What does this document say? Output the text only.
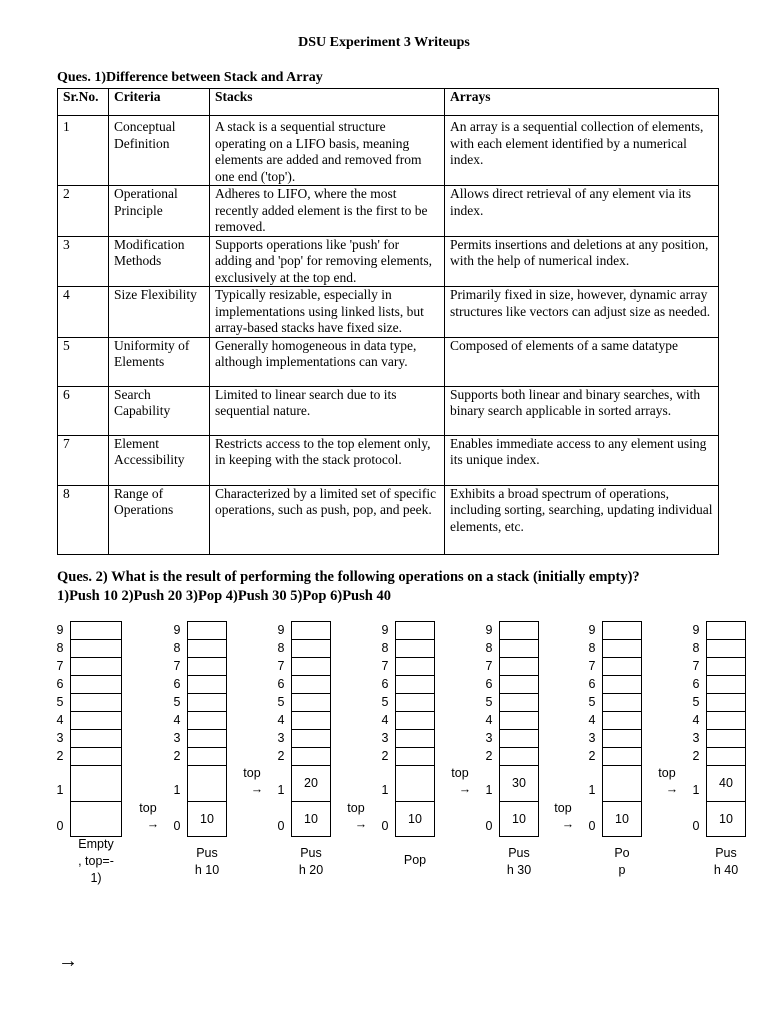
DSU Experiment 3 Writeups
Ques. 1)Difference between Stack and Array
Sr.No.	Criteria	Stacks	Arrays
1	Conceptual Definition	A stack is a sequential structure operating on a LIFO basis, meaning elements are added and removed from one end ('top').	An array is a sequential collection of elements, with each element identified by a numerical index.
2	Operational Principle	Adheres to LIFO, where the most recently added element is the first to be removed.	Allows direct retrieval of any element via its index.
3	Modification Methods	Supports operations like 'push' for adding and 'pop' for removing elements, exclusively at the top end.	Permits insertions and deletions at any position, with the help of numerical index.
4	Size Flexibility	Typically resizable, especially in implementations using linked lists, but array-based stacks have fixed size.	Primarily fixed in size, however, dynamic array structures like vectors can adjust size as needed.
5	Uniformity of Elements	Generally homogeneous in data type, although implementations can vary.	Composed of elements of a same datatype
6	Search Capability	Limited to linear search due to its sequential nature.	Supports both linear and binary searches, with binary search applicable in sorted arrays.
7	Element Accessibility	Restricts access to the top element only, in keeping with the stack protocol.	Enables immediate access to any element using its unique index.
8	Range of Operations	Characterized by a limited set of specific operations, such as push, pop, and peek.	Exhibits a broad spectrum of operations, including sorting, searching, updating individual elements, etc.
Ques. 2) What is the result of performing the following operations on a stack (initially empty)?
1)Push 10 2)Push 20 3)Pop 4)Push 30 5)Pop 6)Push 40
0
1
2
3
4
5
6
7
8
9
Empty
, top=-
1)
0	10
1
2
3
4
5
6
7
8
9
top
→
Pus
h 10
0	10
1	20
2
3
4
5
6
7
8
9
top
→
Pus
h 20
0	10
1
2
3
4
5
6
7
8
9
top
→
Pop
0	10
1	30
2
3
4
5
6
7
8
9
top
→
Pus
h 30
0	10
1
2
3
4
5
6
7
8
9
top
→
Po
p
0	10
1	40
2
3
4
5
6
7
8
9
top
→
Pus
h 40
→
